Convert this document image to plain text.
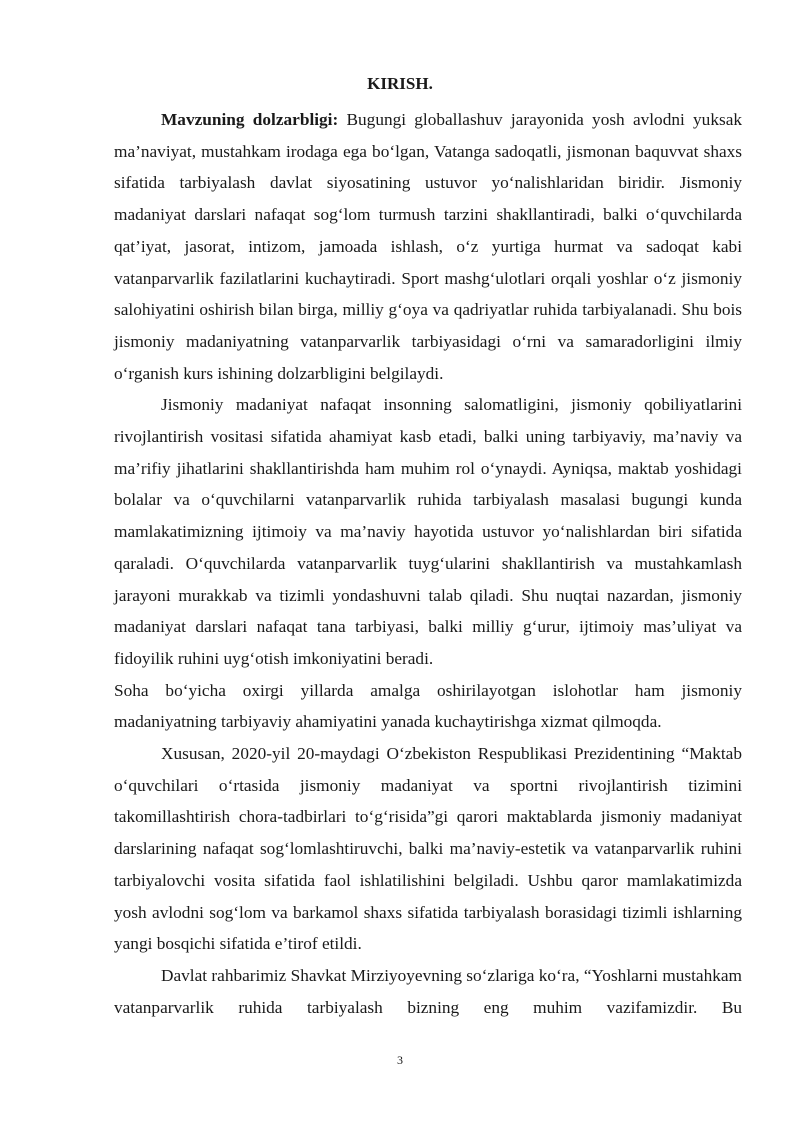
KIRISH.

Mavzuning dolzarbligi: Bugungi globallashuv jarayonida yosh avlodni yuksak ma’naviyat, mustahkam irodaga ega bo‘lgan, Vatanga sadoqatli, jismonan baquvvat shaxs sifatida tarbiyalash davlat siyosatining ustuvor yo‘nalishlaridan biridir. Jismoniy madaniyat darslari nafaqat sog‘lom turmush tarzini shakllantiradi, balki o‘quvchilarda qat’iyat, jasorat, intizom, jamoada ishlash, o‘z yurtiga hurmat va sadoqat kabi vatanparvarlik fazilatlarini kuchaytiradi. Sport mashg‘ulotlari orqali yoshlar o‘z jismoniy salohiyatini oshirish bilan birga, milliy g‘oya va qadriyatlar ruhida tarbiyalanadi. Shu bois jismoniy madaniyatning vatanparvarlik tarbiyasidagi o‘rni va samaradorligini ilmiy o‘rganish kurs ishining dolzarbligini belgilaydi.

Jismoniy madaniyat nafaqat insonning salomatligini, jismoniy qobiliyatlarini rivojlantirish vositasi sifatida ahamiyat kasb etadi, balki uning tarbiyaviy, ma’naviy va ma’rifiy jihatlarini shakllantirishda ham muhim rol o‘ynaydi. Ayniqsa, maktab yoshidagi bolalar va o‘quvchilarni vatanparvarlik ruhida tarbiyalash masalasi bugungi kunda mamlakatimizning ijtimoiy va ma’naviy hayotida ustuvor yo‘nalishlardan biri sifatida qaraladi. O‘quvchilarda vatanparvarlik tuyg‘ularini shakllantirish va mustahkamlash jarayoni murakkab va tizimli yondashuvni talab qiladi. Shu nuqtai nazardan, jismoniy madaniyat darslari nafaqat tana tarbiyasi, balki milliy g‘urur, ijtimoiy mas’uliyat va fidoyilik ruhini uyg‘otish imkoniyatini beradi.

Soha bo‘yicha oxirgi yillarda amalga oshirilayotgan islohotlar ham jismoniy madaniyatning tarbiyaviy ahamiyatini yanada kuchaytirishga xizmat qilmoqda.

Xususan, 2020-yil 20-maydagi O‘zbekiston Respublikasi Prezidentining “Maktab o‘quvchilari o‘rtasida jismoniy madaniyat va sportni rivojlantirish tizimini takomillashtirish chora-tadbirlari to‘g‘risida”gi qarori maktablarda jismoniy madaniyat darslarining nafaqat sog‘lomlashtiruvchi, balki ma’naviy-estetik va vatanparvarlik ruhini tarbiyalovchi vosita sifatida faol ishlatilishini belgiladi. Ushbu qaror mamlakatimizda yosh avlodni sog‘lom va barkamol shaxs sifatida tarbiyalash borasidagi tizimli ishlarning yangi bosqichi sifatida e’tirof etildi.

Davlat rahbarimiz Shavkat Mirziyoyevning so‘zlariga ko‘ra, “Yoshlarni mustahkam vatanparvarlik ruhida tarbiyalash bizning eng muhim vazifamizdir. Bu

3
